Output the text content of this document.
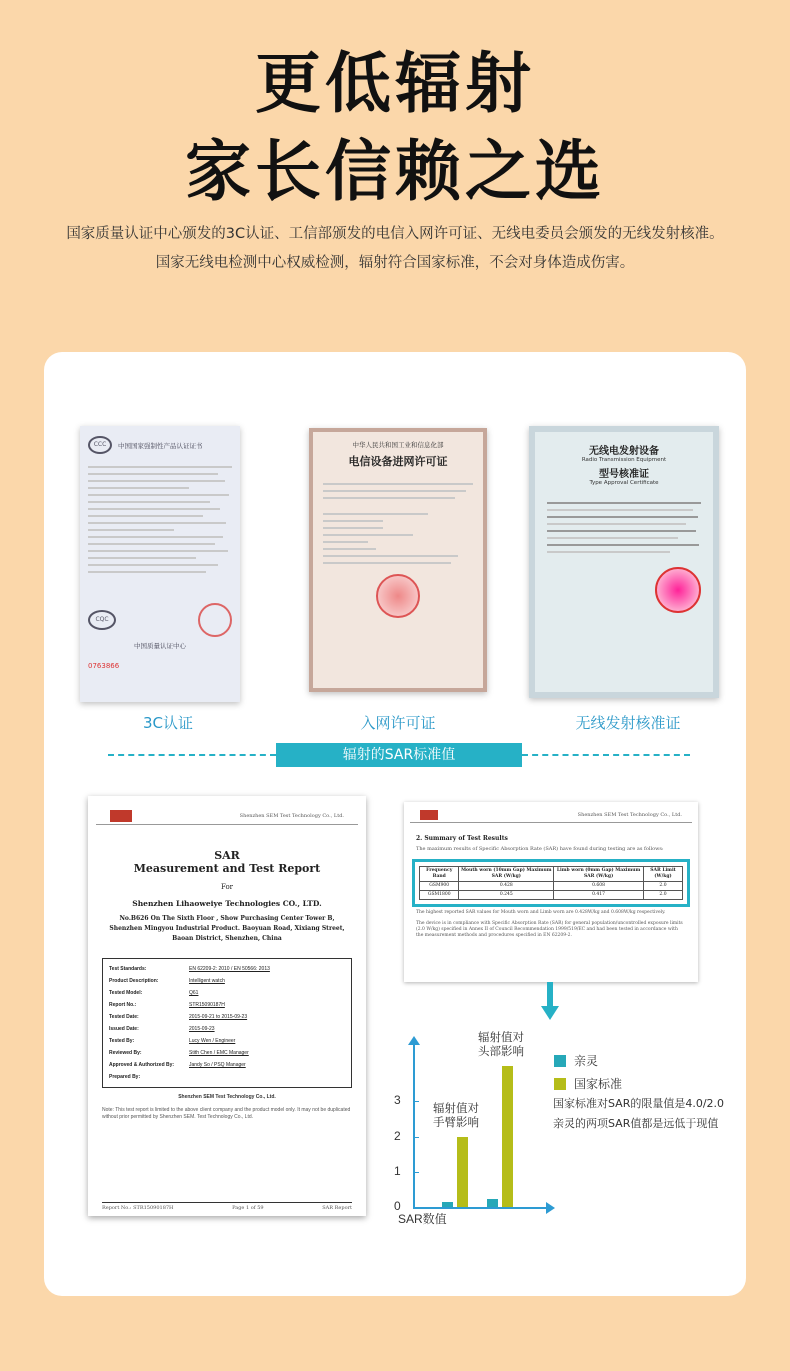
更低辐射
家长信赖之选
国家质量认证中心颁发的3C认证、工信部颁发的电信入网许可证、无线电委员会颁发的无线发射核准。
国家无线电检测中心权威检测，辐射符合国家标准，不会对身体造成伤害。
CCC	中国国家强制性产品认证证书
CQC
中国质量认证中心
0763866
中华人民共和国工业和信息化部
电信设备进网许可证
无线电发射设备
Radio Transmission Equipment
型号核准证
Type Approval Certificate
3C认证	入网许可证	无线发射核准证
辐射的SAR标准值
Shenzhen SEM Test Technology Co., Ltd.
SAR
Measurement and Test Report
For
Shenzhen Lihaoweiye Technologies CO., LTD.
No.B626 On The Sixth Floor , Show Purchasing Center Tower B, Shenzhen Mingyou Industrial Product. Baoyuan Road, Xixiang Street, Baoan District, Shenzhen, China
Test Standards:	EN 62209-2: 2010 / EN 50566: 2013
Product Description:	Intelligent watch
Tested Model:	Q61
Report No.:	STR15090187H
Tested Date:	2015-09-21 to 2015-09-23
Issued Date:	2015-09-23
Tested By:	Lucy Wen / Engineer
Reviewed By:	Stith Chen / EMC Manager
Approved & Authorized By:	Jandy So / PSQ Manager
Prepared By:
Shenzhen SEM Test Technology Co., Ltd.
Note: This test report is limited to the above client company and the product model only. It may not be duplicated without prior permitted by Shenzhen SEM. Test Technology Co., Ltd.
Report No.: STR15090187H	Page 1 of 59	SAR Report
Shenzhen SEM Test Technology Co., Ltd.
2. Summary of Test Results
The maximum results of Specific Absorption Rate (SAR) have found during testing are as follows:
Frequency Band	Mouth worn (10mm Gap) Maximum SAR (W/kg)	Limb worn (0mm Gap) Maximum SAR (W/kg)	SAR Limit (W/kg)
GSM900	0.428	0.608	2.0
GSM1800	0.245	0.417	2.0
The highest reported SAR values for Mouth worn and Limb worn are 0.428W/kg and 0.608W/kg respectively.
The device is in compliance with Specific Absorption Rate (SAR) for general population/uncontrolled exposure limits (2.0 W/kg) specified in Annex II of Council Recommendation 1999/519/EC and had been tested in accordance with the measurement methods and procedures specified in EN 62209-2.
0
1
2
3
辐射值对
手臂影响
辐射值对
头部影响
SAR数值
亲灵
国家标准
国家标准对SAR的限量值是4.0/2.0
亲灵的两项SAR值都是远低于现值
